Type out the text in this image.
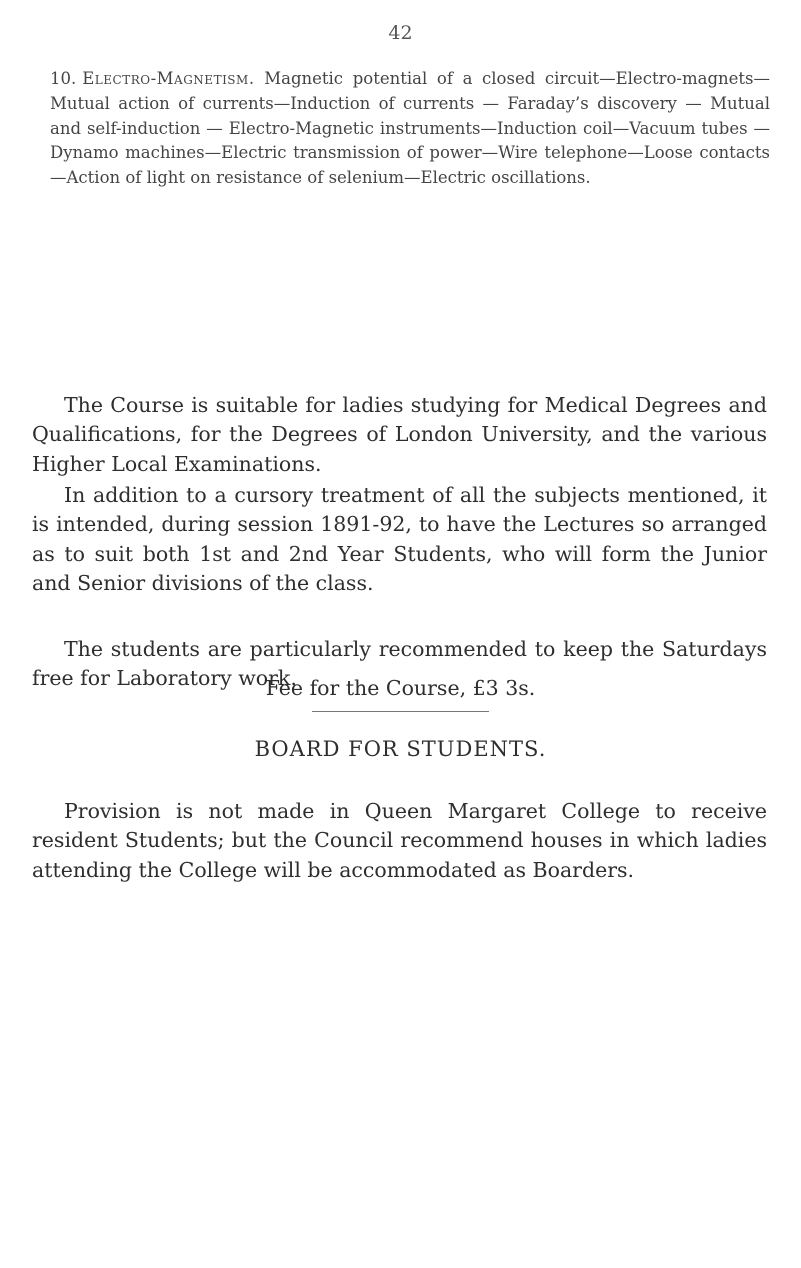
42
10. Electro-Magnetism. Magnetic potential of a closed circuit—Electro-magnets—Mutual action of currents—Induction of currents — Faraday’s discovery — Mutual and self-induction — Electro-Magnetic instruments—Induction coil—Vacuum tubes —Dynamo machines—Electric transmission of power—Wire telephone—Loose contacts—Action of light on resistance of selenium—Electric oscillations.

The Course is suitable for ladies studying for Medical Degrees and Qualifications, for the Degrees of London University, and the various Higher Local Examinations.

In addition to a cursory treatment of all the subjects mentioned, it is intended, during session 1891-92, to have the Lectures so arranged as to suit both 1st and 2nd Year Students, who will form the Junior and Senior divisions of the class.

The students are particularly recommended to keep the Saturdays free for Laboratory work.

Fee for the Course, £3 3s.
BOARD FOR STUDENTS.

Provision is not made in Queen Margaret College to receive resident Students; but the Council recommend houses in which ladies attending the College will be accommodated as Boarders.
